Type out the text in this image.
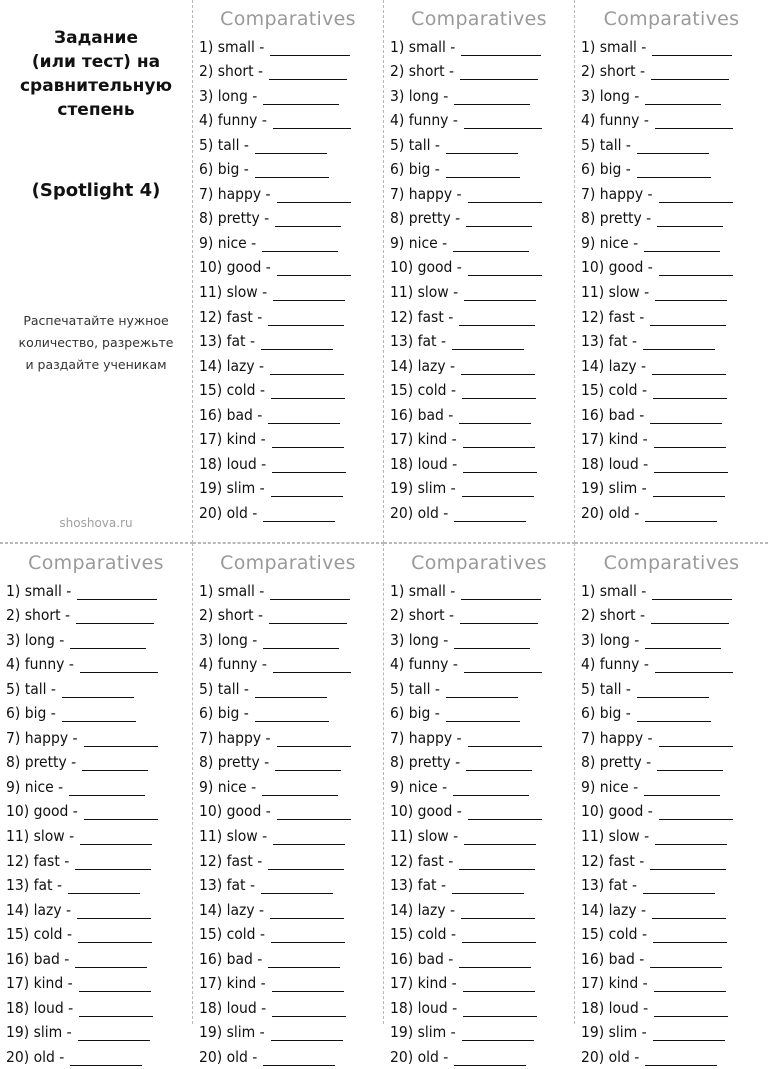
Задание
(или тест) на
сравнительную
степень
(Spotlight 4)
Распечатайте нужное
количество, разрежьте
и раздайте ученикам
shoshova.ru
Comparatives
1) small -
2) short -
3) long -
4) funny -
5) tall -
6) big -
7) happy -
8) pretty -
9) nice -
10) good -
11) slow -
12) fast -
13) fat -
14) lazy -
15) cold -
16) bad -
17) kind -
18) loud -
19) slim -
20) old -
Comparatives
1) small -
2) short -
3) long -
4) funny -
5) tall -
6) big -
7) happy -
8) pretty -
9) nice -
10) good -
11) slow -
12) fast -
13) fat -
14) lazy -
15) cold -
16) bad -
17) kind -
18) loud -
19) slim -
20) old -
Comparatives
1) small -
2) short -
3) long -
4) funny -
5) tall -
6) big -
7) happy -
8) pretty -
9) nice -
10) good -
11) slow -
12) fast -
13) fat -
14) lazy -
15) cold -
16) bad -
17) kind -
18) loud -
19) slim -
20) old -
Comparatives
1) small -
2) short -
3) long -
4) funny -
5) tall -
6) big -
7) happy -
8) pretty -
9) nice -
10) good -
11) slow -
12) fast -
13) fat -
14) lazy -
15) cold -
16) bad -
17) kind -
18) loud -
19) slim -
20) old -
Comparatives
1) small -
2) short -
3) long -
4) funny -
5) tall -
6) big -
7) happy -
8) pretty -
9) nice -
10) good -
11) slow -
12) fast -
13) fat -
14) lazy -
15) cold -
16) bad -
17) kind -
18) loud -
19) slim -
20) old -
Comparatives
1) small -
2) short -
3) long -
4) funny -
5) tall -
6) big -
7) happy -
8) pretty -
9) nice -
10) good -
11) slow -
12) fast -
13) fat -
14) lazy -
15) cold -
16) bad -
17) kind -
18) loud -
19) slim -
20) old -
Comparatives
1) small -
2) short -
3) long -
4) funny -
5) tall -
6) big -
7) happy -
8) pretty -
9) nice -
10) good -
11) slow -
12) fast -
13) fat -
14) lazy -
15) cold -
16) bad -
17) kind -
18) loud -
19) slim -
20) old -
